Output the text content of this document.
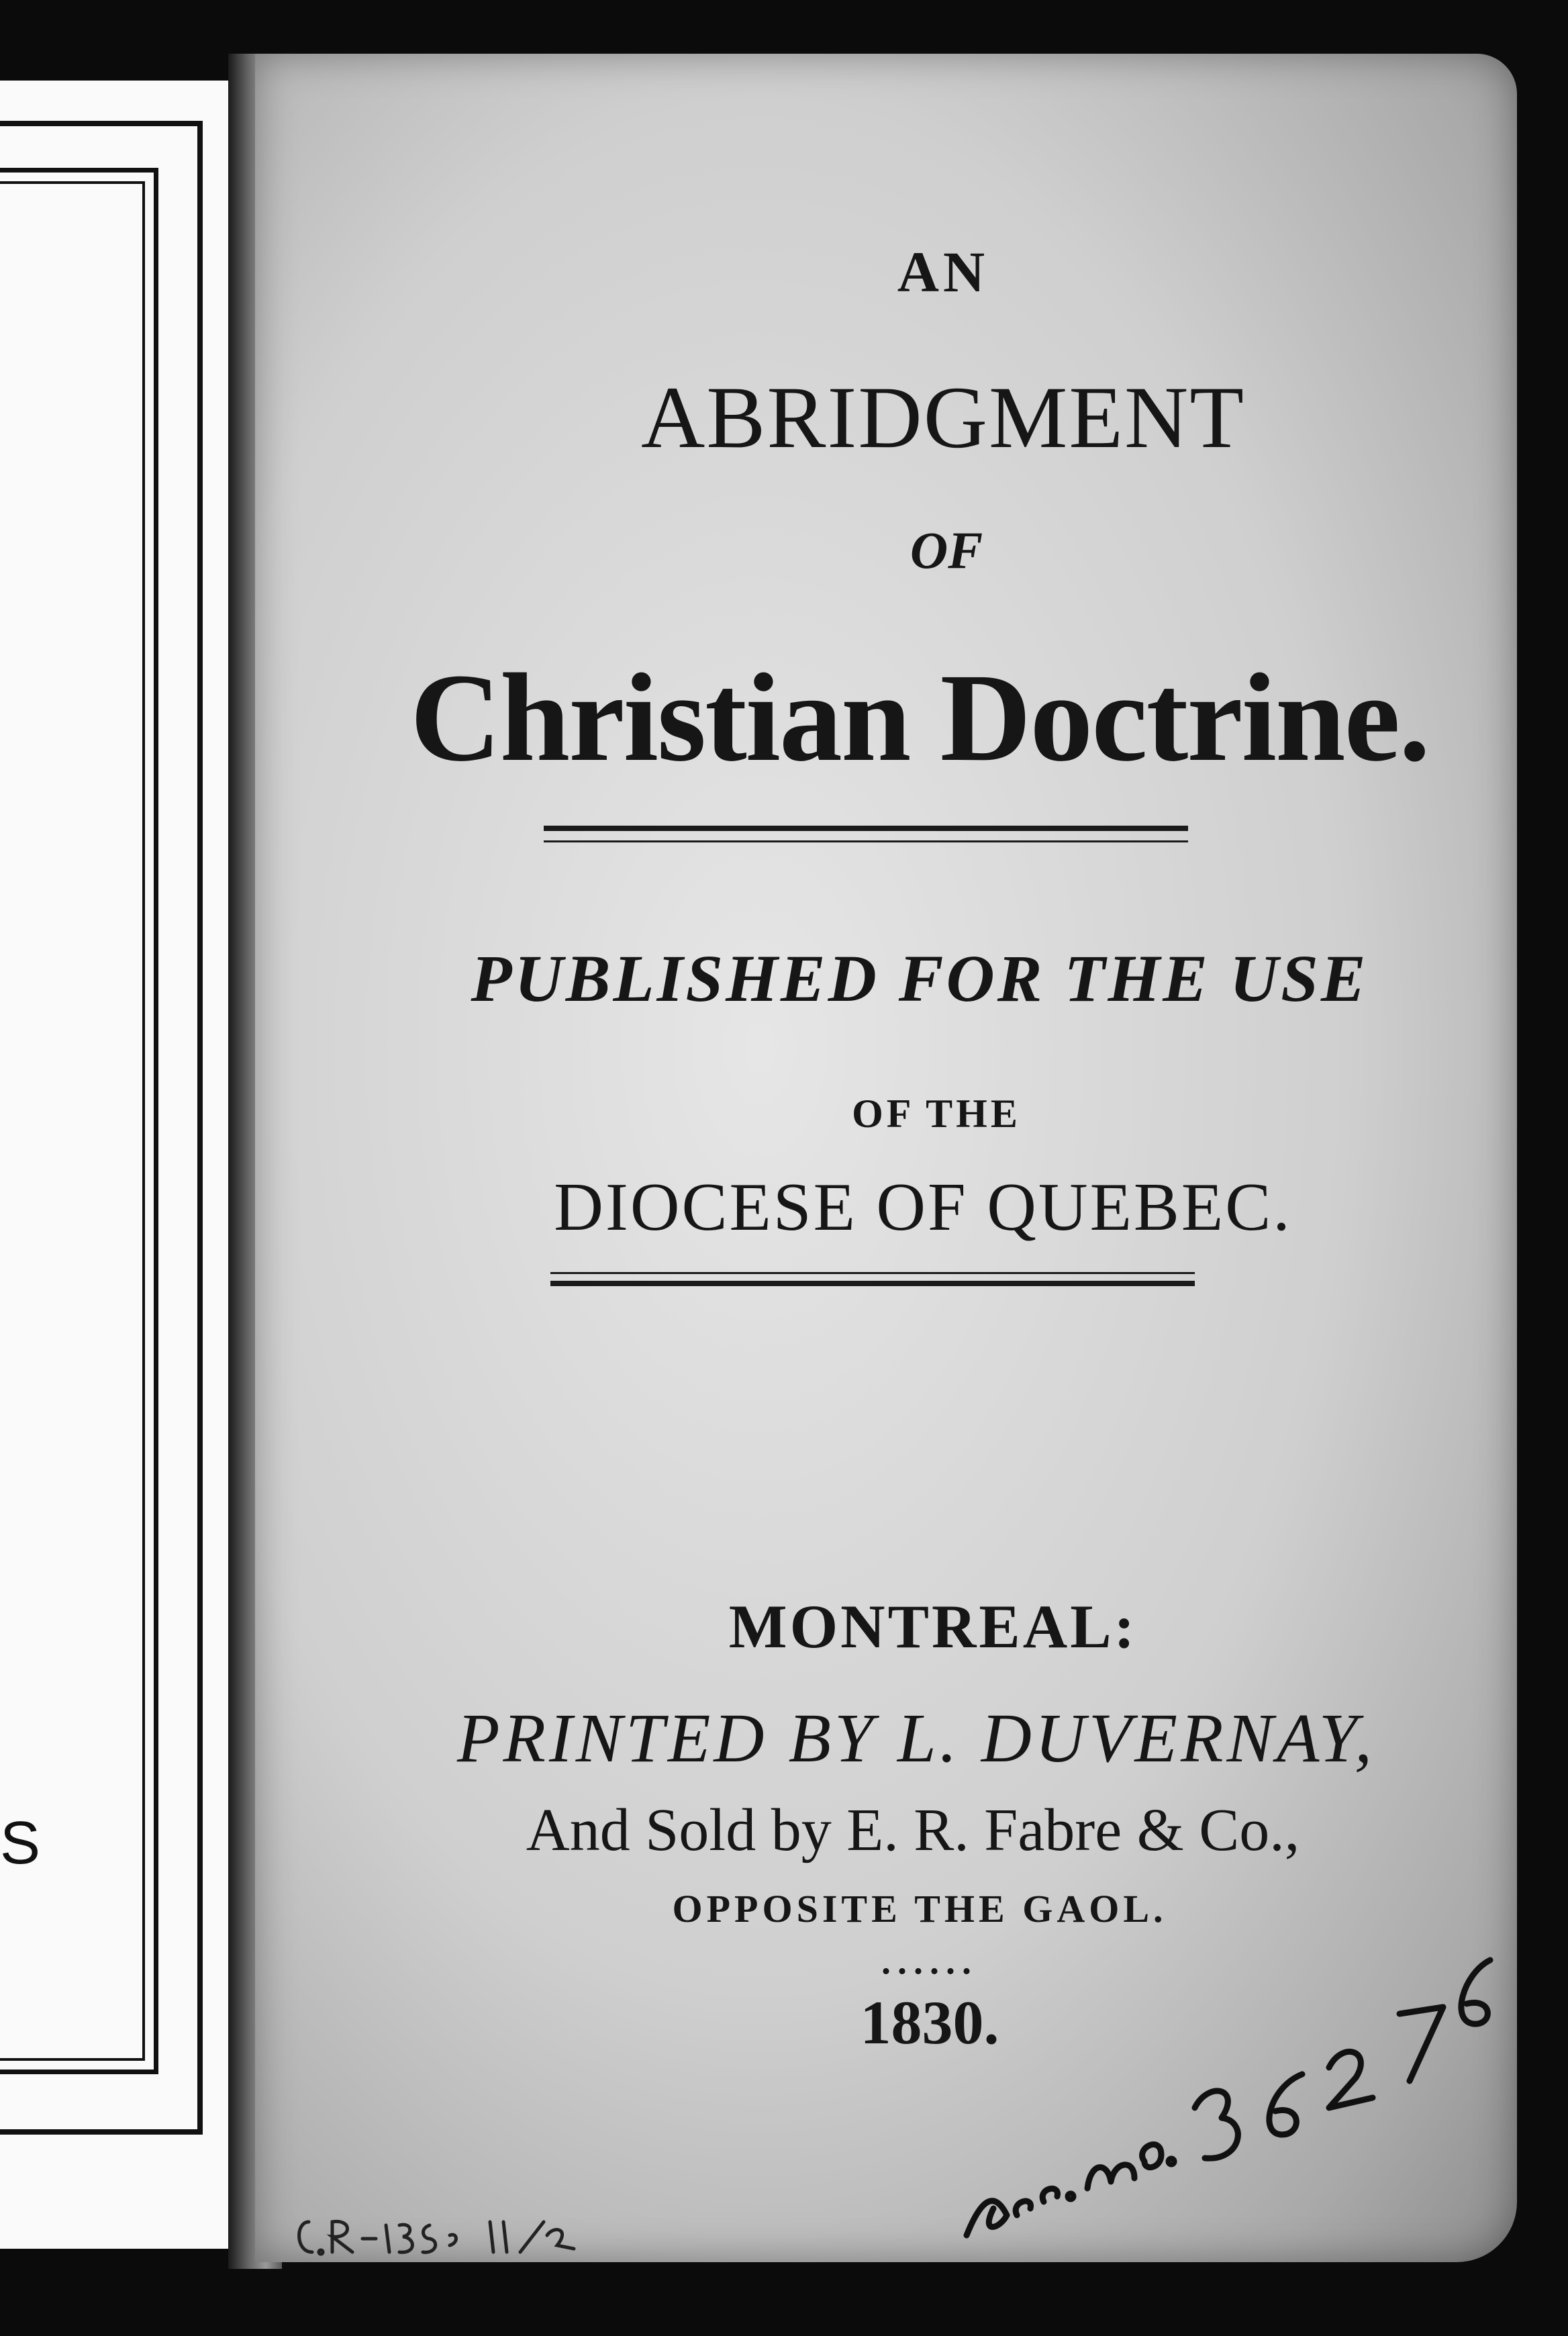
S
AN
ABRIDGMENT
OF
Christian Doctrine.
PUBLISHED FOR THE USE
OF THE
DIOCESE OF QUEBEC.
MONTREAL:
PRINTED BY L. DUVERNAY,
And Sold by E. R. Fabre & Co.,
OPPOSITE THE GAOL.
......
1830.
